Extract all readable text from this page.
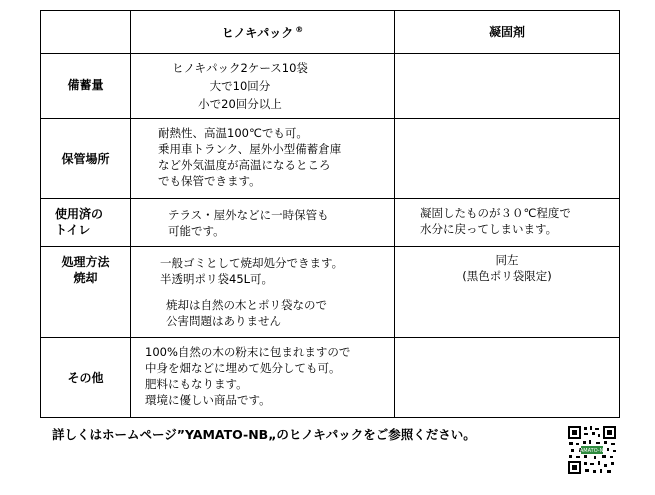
ヒノキパック ®	凝固剤
備蓄量
ヒノキパック2ケース10袋
大で10回分
小で20回分以上
保管場所
耐熱性、高温100℃でも可。
乗用車トランク、屋外小型備蓄倉庫
など外気温度が高温になるところ
でも保管できます。
使用済の
トイレ
テラス・屋外などに一時保管も
可能です。
凝固したものが３０℃程度で
水分に戻ってしまいます。
処理方法
焼却
一般ゴミとして焼却処分できます。
半透明ポリ袋45L可。
焼却は自然の木とポリ袋なので
公害問題はありません
同左
(黒色ポリ袋限定)
その他
100%自然の木の粉末に包まれますので
中身を畑などに埋めて処分しても可。
肥料にもなります。
環境に優しい商品です。
詳しくはホームページ”YAMATO-NB„のヒノキパックをご参照ください。
YAMATO-NB
